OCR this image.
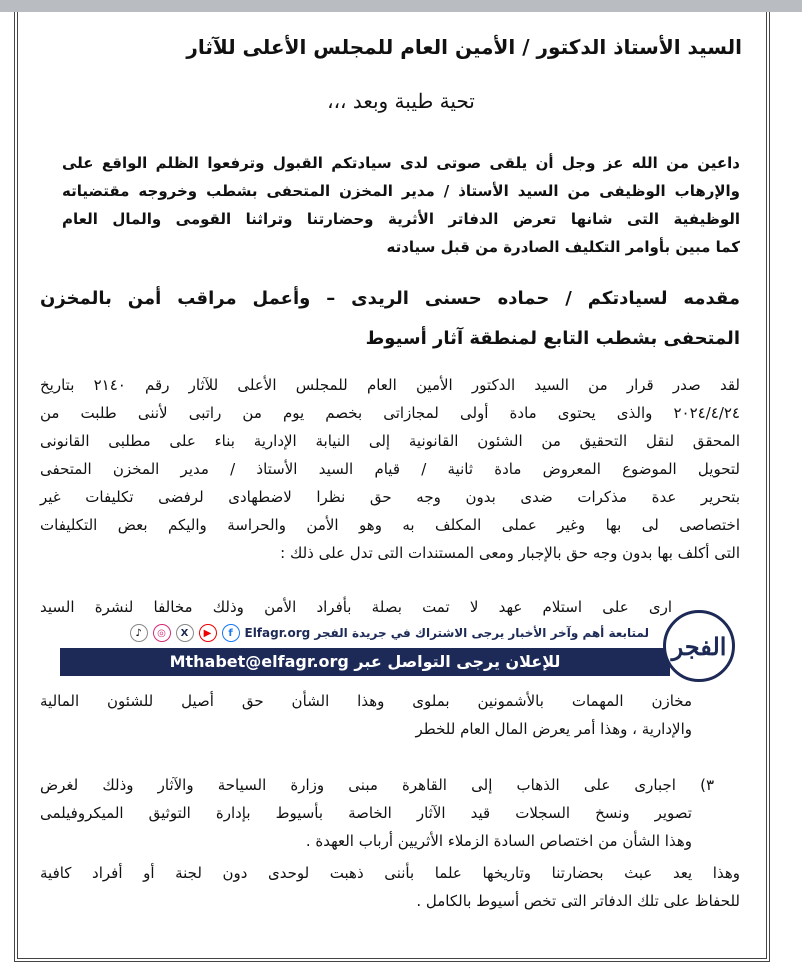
السيد الأستاذ الدكتور / الأمين العام للمجلس الأعلى للآثار
تحية طيبة وبعد ،،،
داعين من الله عز وجل أن يلقى صوتى لدى سيادتكم القبول وترفعوا الظلم الواقع على
والإرهاب الوظيفى من السيد الأستاذ / مدير المخزن المتحفى بشطب وخروجه مقتضياته
الوظيفية التى شانها تعرض الدفاتر الأثرية وحضارتنا وتراثنا القومى والمال العام
كما مبين بأوامر التكليف الصادرة من قبل سيادته
مقدمه لسيادتكم / حماده حسنى الريدى – وأعمل مراقب أمن بالمخزن
المتحفى بشطب التابع لمنطقة آثار أسيوط
لقد صدر قرار من السيد الدكتور الأمين العام للمجلس الأعلى للآثار رقم ٢١٤٠ بتاريخ
٢٠٢٤/٤/٢٤ والذى يحتوى مادة أولى لمجازاتى بخصم يوم من راتبى لأننى طلبت من
المحقق لنقل التحقيق من الشئون القانونية إلى النيابة الإدارية بناء على مطلبى القانونى
لتحويل الموضوع المعروض مادة ثانية / قيام السيد الأستاذ / مدير المخزن المتحفى
بتحرير عدة مذكرات ضدى بدون وجه حق نظرا لاضطهادى لرفضى تكليفات غير
اختصاصى لى بها وغير عملى المكلف به وهو الأمن والحراسة واليكم بعض التكليفات
التى أكلف بها بدون وجه حق بالإجبار ومعى المستندات التى تدل على ذلك :
ارى على استلام عهد لا تمت بصلة بأفراد الأمن وذلك مخالفا لنشرة السيد
مخازن المهمات بالأشمونين بملوى وهذا الشأن حق أصيل للشئون المالية
والإدارية ، وهذا أمر يعرض المال العام للخطر
٣) اجبارى على الذهاب إلى القاهرة مبنى وزارة السياحة والآثار وذلك لغرض
تصوير ونسخ السجلات قيد الآثار الخاصة بأسيوط بإدارة التوثيق الميكروفيلمى
وهذا الشأن من اختصاص السادة الزملاء الأثريين أرباب العهدة .
وهذا يعد عبث بحضارتنا وتاريخها علما بأننى ذهبت لوحدى دون لجنة أو أفراد كافية
للحفاظ على تلك الدفاتر التى تخص أسيوط بالكامل .
لمتابعة أهم وآخر الأخبار يرجى الاشتراك في جريدة الفجر Elfagr.org
f
▶
X
◎
♪
للإعلان يرجى التواصل عبر Mthabet@elfagr.org
الفجر
